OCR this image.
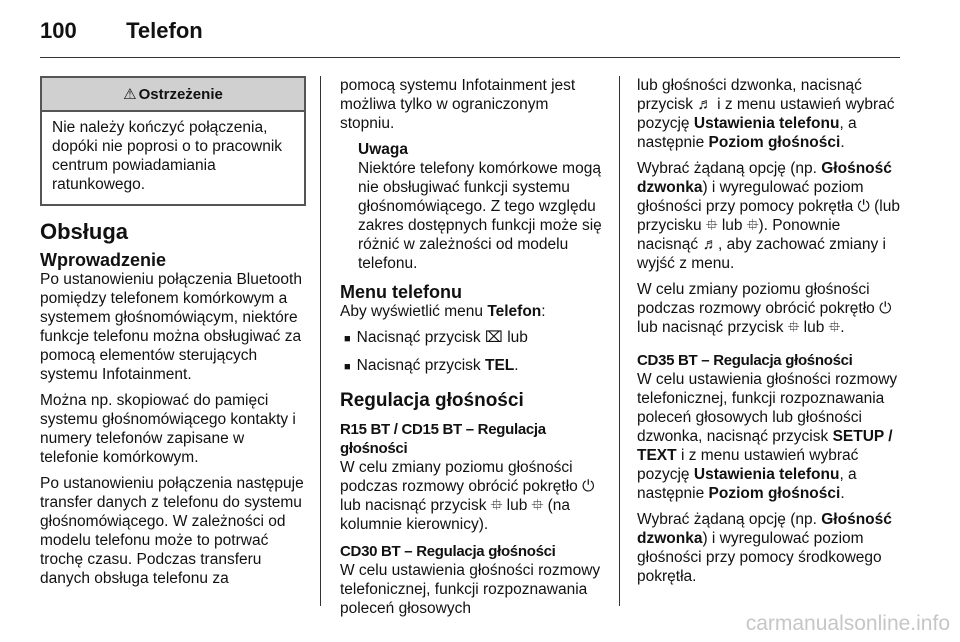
100 Telefon
⚠ Ostrzeżenie
Nie należy kończyć połączenia, dopóki nie poprosi o to pracownik centrum powiadamiania ratunkowego.
Obsługa
Wprowadzenie

Po ustanowieniu połączenia Bluetooth pomiędzy telefonem komórkowym a systemem głośnomówiącym, niektóre funkcje telefonu można obsługiwać za pomocą elementów sterujących systemu Infotainment.

Można np. skopiować do pamięci systemu głośnomówiącego kontakty i numery telefonów zapisane w telefonie komórkowym.

Po ustanowieniu połączenia następuje transfer danych z telefonu do systemu głośnomówiącego. W zależności od modelu telefonu może to potrwać trochę czasu. Podczas transferu danych obsługa telefonu za

pomocą systemu Infotainment jest możliwa tylko w ograniczonym stopniu.

Uwaga
Niektóre telefony komórkowe mogą nie obsługiwać funkcji systemu głośnomówiącego. Z tego względu zakres dostępnych funkcji może się różnić w zależności od modelu telefonu.
Menu telefonu

Aby wyświetlić menu Telefon:

■ Nacisnąć przycisk ⌧ lub
■ Nacisnąć przycisk TEL.
Regulacja głośności
R15 BT / CD15 BT – Regulacja głośności

W celu zmiany poziomu głośności podczas rozmowy obrócić pokrętło ⏻ lub nacisnąć przycisk ⯐ lub ⯐ (na kolumnie kierownicy).

CD30 BT – Regulacja głośności

W celu ustawienia głośności rozmowy telefonicznej, funkcji rozpoznawania poleceń głosowych

lub głośności dzwonka, nacisnąć przycisk ♬ i z menu ustawień wybrać pozycję Ustawienia telefonu, a następnie Poziom głośności.

Wybrać żądaną opcję (np. Głośność dzwonka) i wyregulować poziom głośności przy pomocy pokrętła ⏻ (lub przycisku ⯐ lub ⯐). Ponownie nacisnąć ♬, aby zachować zmiany i wyjść z menu.

W celu zmiany poziomu głośności podczas rozmowy obrócić pokrętło ⏻ lub nacisnąć przycisk ⯐ lub ⯐.

CD35 BT – Regulacja głośności

W celu ustawienia głośności rozmowy telefonicznej, funkcji rozpoznawania poleceń głosowych lub głośności dzwonka, nacisnąć przycisk SETUP / TEXT i z menu ustawień wybrać pozycję Ustawienia telefonu, a następnie Poziom głośności.

Wybrać żądaną opcję (np. Głośność dzwonka) i wyregulować poziom głośności przy pomocy środkowego pokrętła.

carmanualsonline.info
